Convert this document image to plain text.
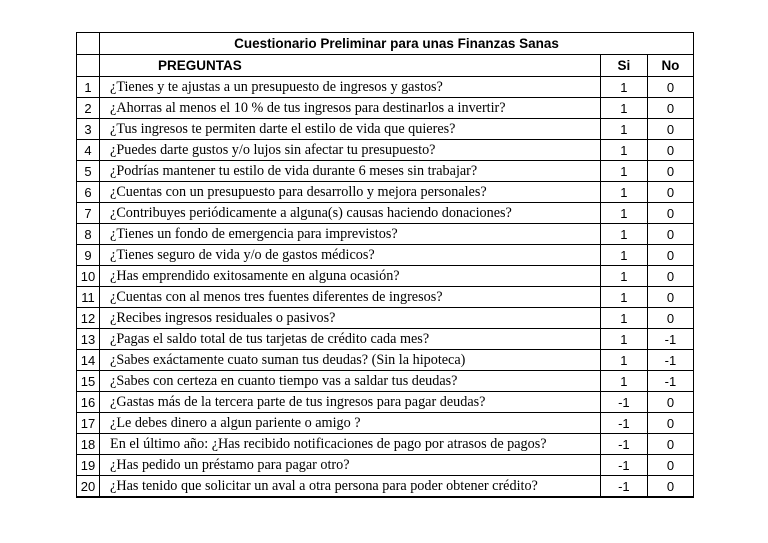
	Cuestionario Preliminar para unas Finanzas Sanas		
	PREGUNTAS	Si	No
1	¿Tienes y te ajustas a un presupuesto de ingresos y gastos?	1	0
2	¿Ahorras al menos el 10 % de tus ingresos para destinarlos a invertir?	1	0
3	¿Tus ingresos te permiten darte el estilo de vida que quieres?	1	0
4	¿Puedes darte gustos y/o lujos sin afectar tu presupuesto?	1	0
5	¿Podrías mantener tu estilo de vida durante 6 meses sin trabajar?	1	0
6	¿Cuentas con un presupuesto para desarrollo y mejora personales?	1	0
7	¿Contribuyes periódicamente a alguna(s) causas haciendo donaciones?	1	0
8	¿Tienes un fondo de emergencia para imprevistos?	1	0
9	¿Tienes seguro de vida y/o de gastos médicos?	1	0
10	¿Has emprendido exitosamente en alguna ocasión?	1	0
11	¿Cuentas con al menos tres fuentes diferentes de ingresos?	1	0
12	¿Recibes ingresos residuales o pasivos?	1	0
13	¿Pagas el saldo total de tus tarjetas de crédito cada mes?	1	-1
14	¿Sabes exáctamente cuato suman tus deudas? (Sin la hipoteca)	1	-1
15	¿Sabes con certeza en cuanto tiempo vas a saldar tus deudas?	1	-1
16	¿Gastas más de la tercera parte de tus ingresos para pagar deudas?	-1	0
17	¿Le debes dinero a algun pariente o amigo ?	-1	0
18	En el último año: ¿Has recibido notificaciones de pago por atrasos de pagos?	-1	0
19	¿Has pedido un préstamo para pagar otro?	-1	0
20	¿Has tenido que solicitar un aval a otra persona para poder obtener crédito?	-1	0
